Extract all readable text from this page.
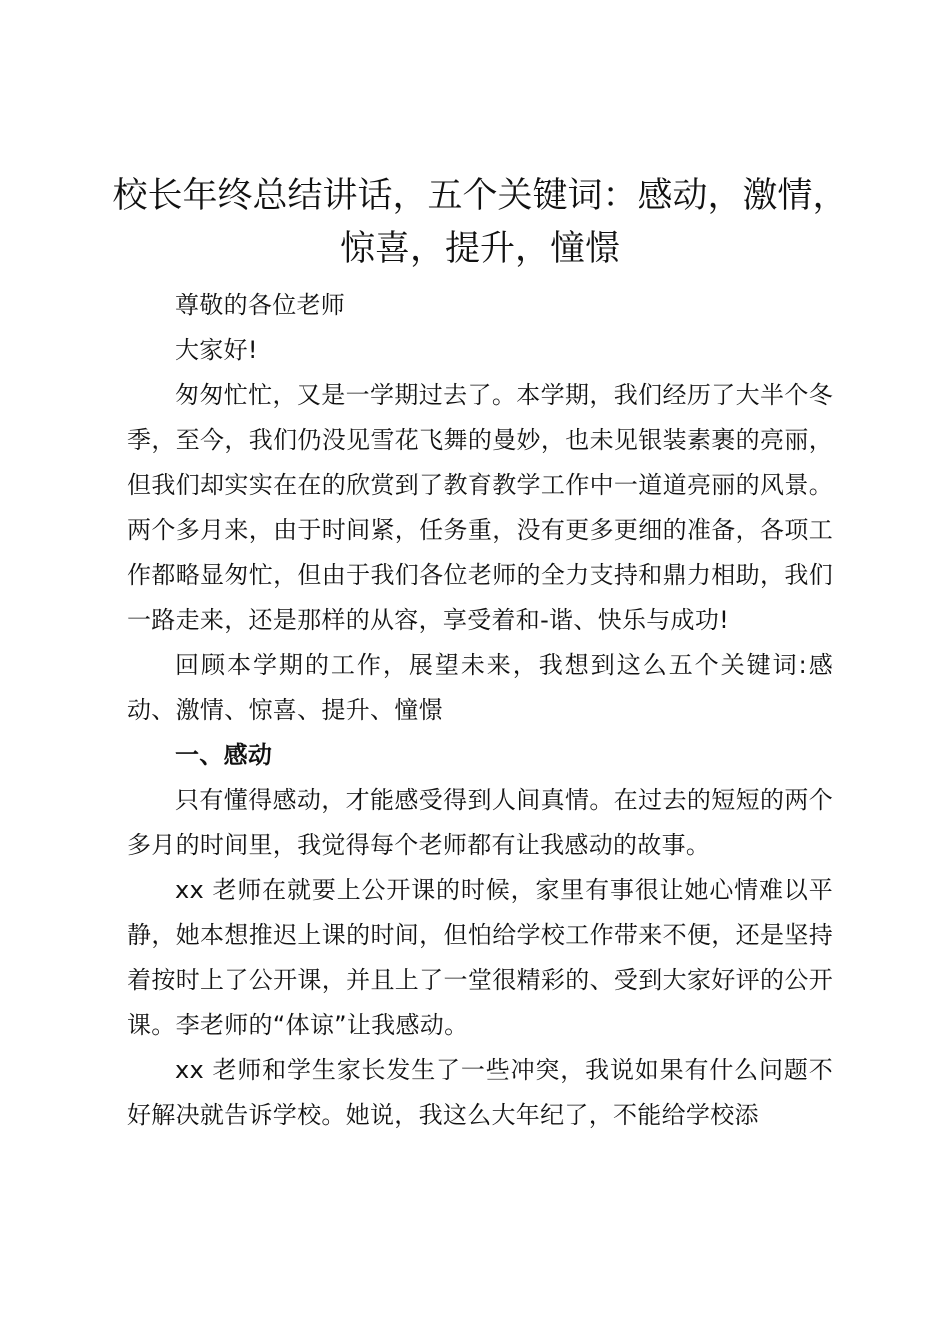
校长年终总结讲话，五个关键词：感动，激情，惊喜，提升，憧憬

尊敬的各位老师

大家好!

匆匆忙忙，又是一学期过去了。本学期，我们经历了大半个冬季，至今，我们仍没见雪花飞舞的曼妙，也未见银装素裹的亮丽，但我们却实实在在的欣赏到了教育教学工作中一道道亮丽的风景。两个多月来，由于时间紧，任务重，没有更多更细的准备，各项工作都略显匆忙，但由于我们各位老师的全力支持和鼎力相助，我们一路走来，还是那样的从容，享受着和-谐、快乐与成功!

回顾本学期的工作，展望未来，我想到这么五个关键词:感动、激情、惊喜、提升、憧憬

一、感动

只有懂得感动，才能感受得到人间真情。在过去的短短的两个多月的时间里，我觉得每个老师都有让我感动的故事。

xx 老师在就要上公开课的时候，家里有事很让她心情难以平静，她本想推迟上课的时间，但怕给学校工作带来不便，还是坚持着按时上了公开课，并且上了一堂很精彩的、受到大家好评的公开课。李老师的“体谅”让我感动。

xx 老师和学生家长发生了一些冲突，我说如果有什么问题不好解决就告诉学校。她说，我这么大年纪了，不能给学校添
